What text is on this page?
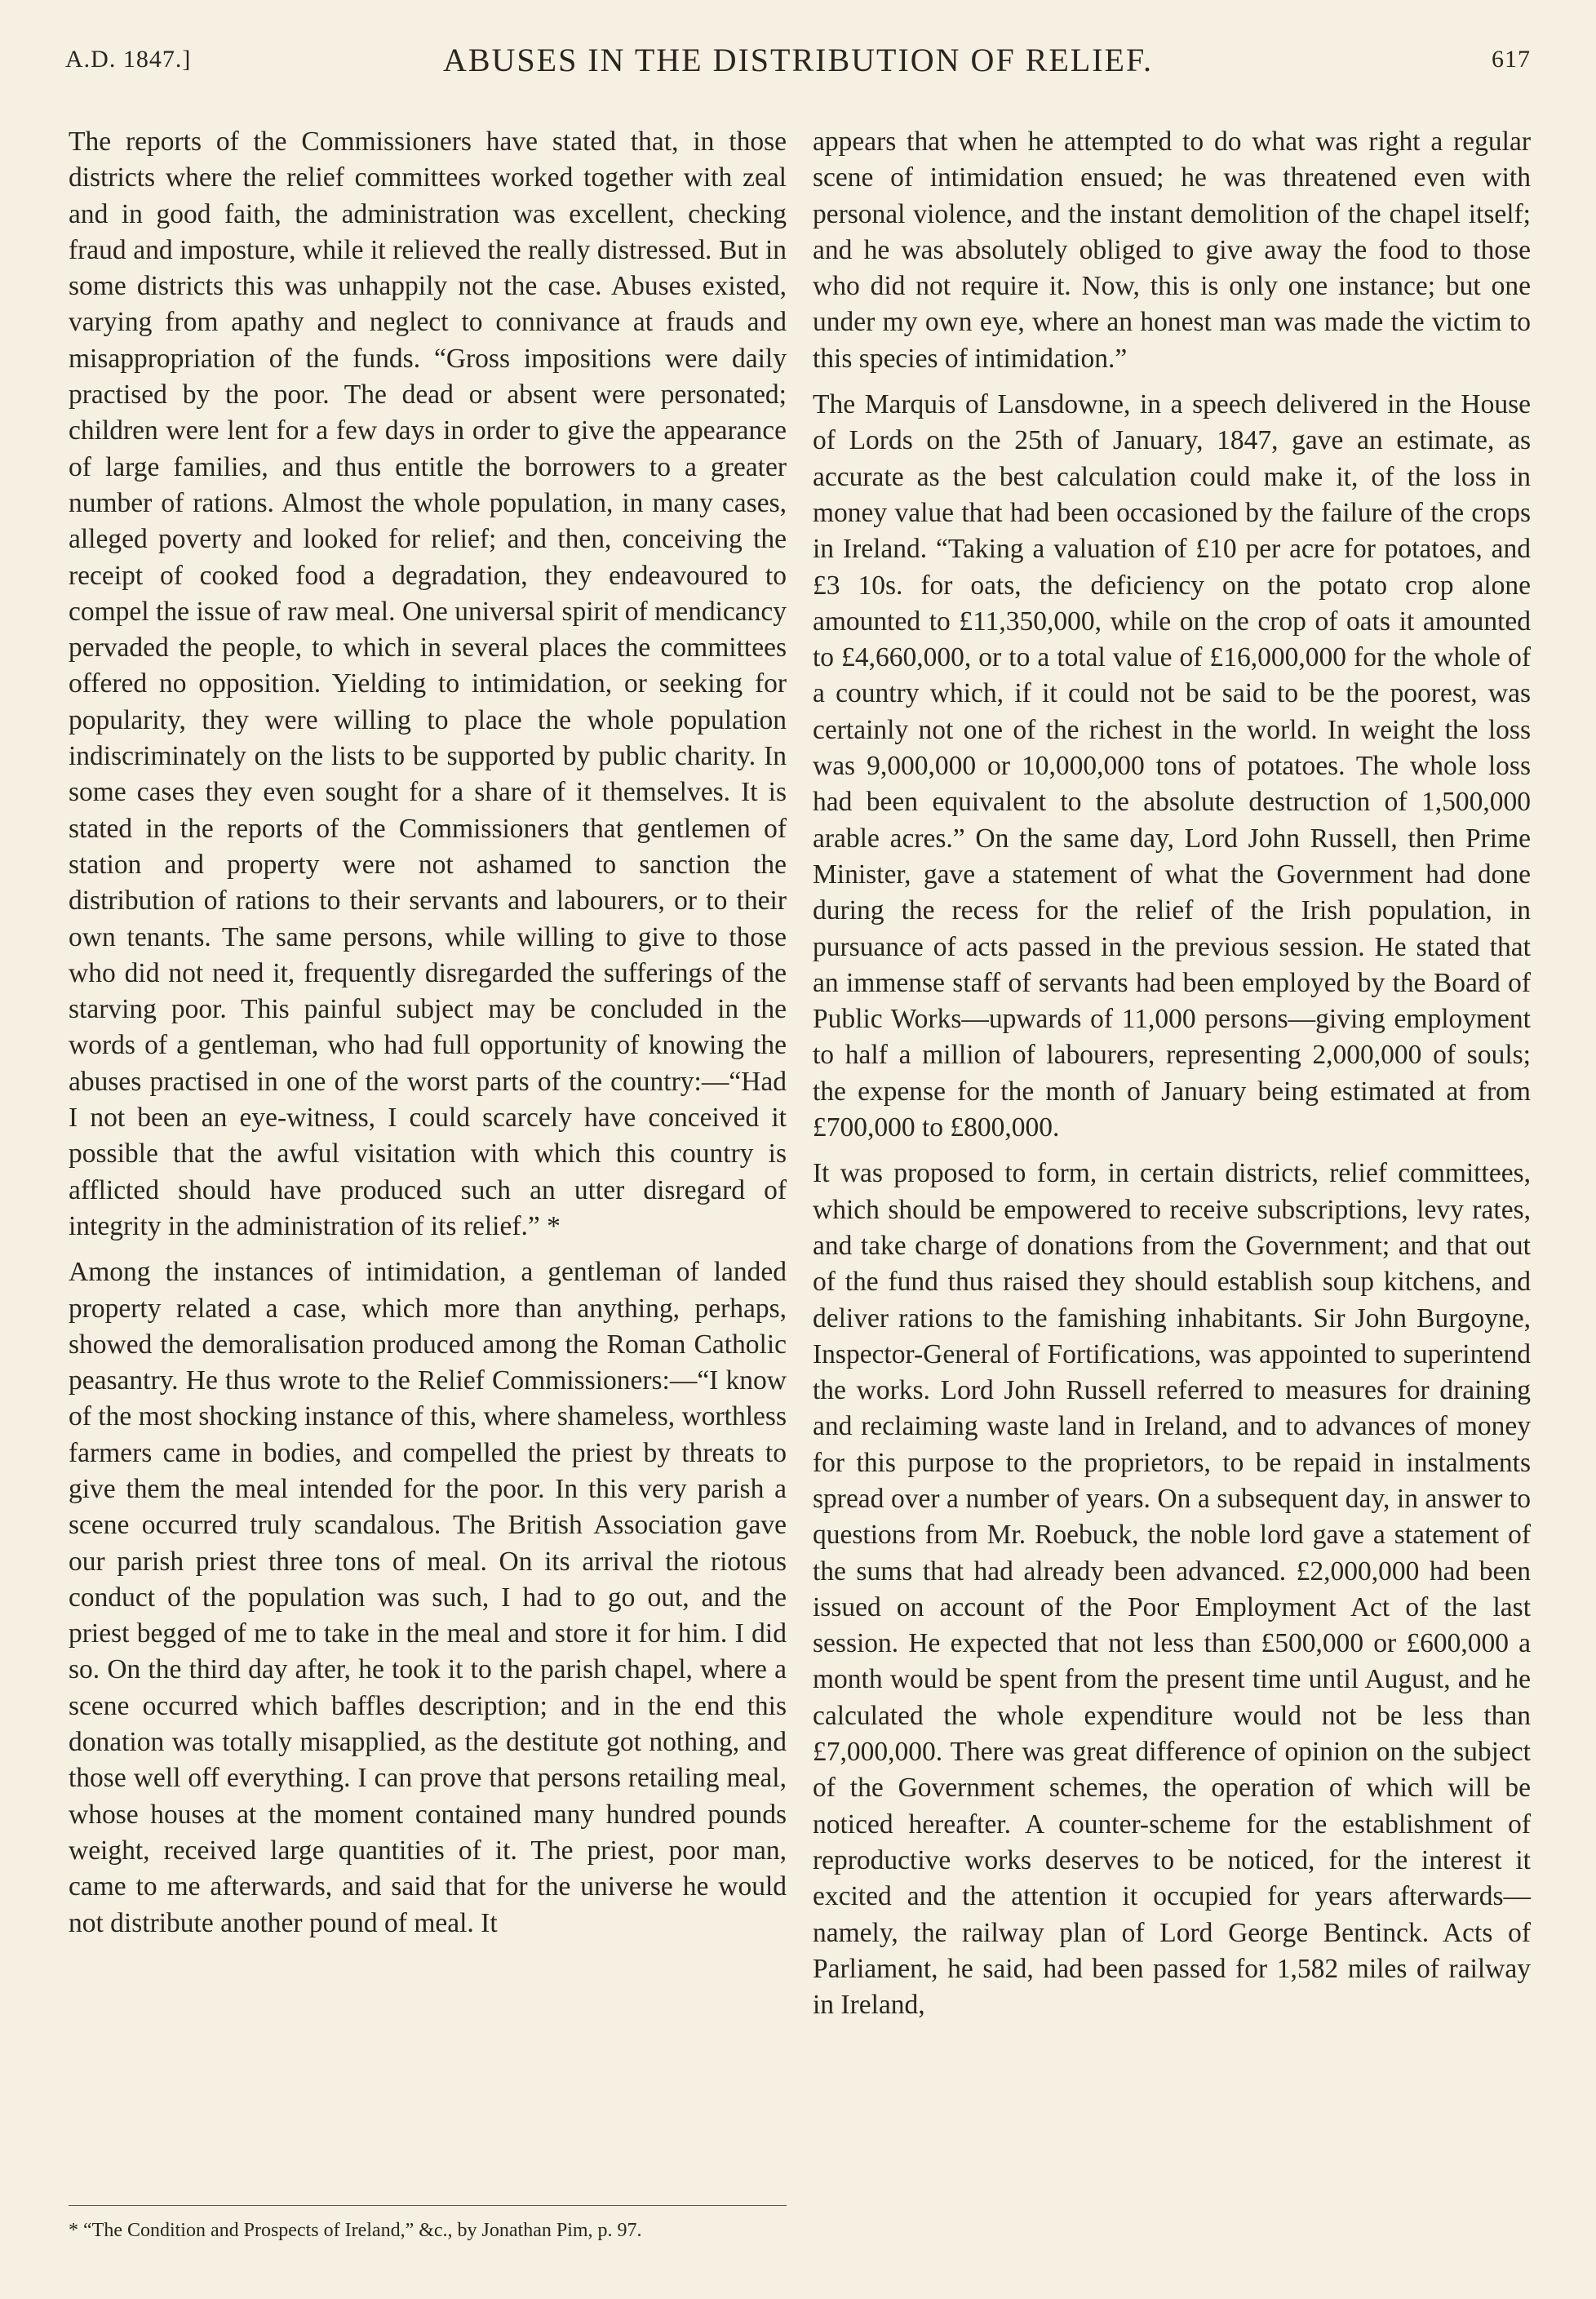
A.D. 1847.]	ABUSES IN THE DISTRIBUTION OF RELIEF.	617

The reports of the Commissioners have stated that, in those districts where the relief committees worked together with zeal and in good faith, the administration was excellent, checking fraud and imposture, while it relieved the really distressed. But in some districts this was unhappily not the case. Abuses existed, varying from apathy and neglect to connivance at frauds and misappropriation of the funds. “Gross impositions were daily practised by the poor. The dead or absent were personated; children were lent for a few days in order to give the appearance of large families, and thus entitle the borrowers to a greater number of rations. Almost the whole population, in many cases, alleged poverty and looked for relief; and then, conceiving the receipt of cooked food a degradation, they endeavoured to compel the issue of raw meal. One universal spirit of mendicancy pervaded the people, to which in several places the committees offered no opposition. Yielding to intimidation, or seeking for popularity, they were willing to place the whole population indiscriminately on the lists to be supported by public charity. In some cases they even sought for a share of it themselves. It is stated in the reports of the Commissioners that gentlemen of station and property were not ashamed to sanction the distribution of rations to their servants and labourers, or to their own tenants. The same persons, while willing to give to those who did not need it, frequently disregarded the sufferings of the starving poor. This painful subject may be concluded in the words of a gentleman, who had full opportunity of knowing the abuses practised in one of the worst parts of the country:—“Had I not been an eye-witness, I could scarcely have conceived it possible that the awful visitation with which this country is afflicted should have produced such an utter disregard of integrity in the administration of its relief.” *

Among the instances of intimidation, a gentleman of landed property related a case, which more than anything, perhaps, showed the demoralisation produced among the Roman Catholic peasantry. He thus wrote to the Relief Commissioners:—“I know of the most shocking instance of this, where shameless, worthless farmers came in bodies, and compelled the priest by threats to give them the meal intended for the poor. In this very parish a scene occurred truly scandalous. The British Association gave our parish priest three tons of meal. On its arrival the riotous conduct of the population was such, I had to go out, and the priest begged of me to take in the meal and store it for him. I did so. On the third day after, he took it to the parish chapel, where a scene occurred which baffles description; and in the end this donation was totally misapplied, as the destitute got nothing, and those well off everything. I can prove that persons retailing meal, whose houses at the moment contained many hundred pounds weight, received large quantities of it. The priest, poor man, came to me afterwards, and said that for the universe he would not distribute another pound of meal. It

appears that when he attempted to do what was right a regular scene of intimidation ensued; he was threatened even with personal violence, and the instant demolition of the chapel itself; and he was absolutely obliged to give away the food to those who did not require it. Now, this is only one instance; but one under my own eye, where an honest man was made the victim to this species of intimidation.”

The Marquis of Lansdowne, in a speech delivered in the House of Lords on the 25th of January, 1847, gave an estimate, as accurate as the best calculation could make it, of the loss in money value that had been occasioned by the failure of the crops in Ireland. “Taking a valuation of £10 per acre for potatoes, and £3 10s. for oats, the deficiency on the potato crop alone amounted to £11,350,000, while on the crop of oats it amounted to £4,660,000, or to a total value of £16,000,000 for the whole of a country which, if it could not be said to be the poorest, was certainly not one of the richest in the world. In weight the loss was 9,000,000 or 10,000,000 tons of potatoes. The whole loss had been equivalent to the absolute destruction of 1,500,000 arable acres.” On the same day, Lord John Russell, then Prime Minister, gave a statement of what the Government had done during the recess for the relief of the Irish population, in pursuance of acts passed in the previous session. He stated that an immense staff of servants had been employed by the Board of Public Works—upwards of 11,000 persons—giving employment to half a million of labourers, representing 2,000,000 of souls; the expense for the month of January being estimated at from £700,000 to £800,000.

It was proposed to form, in certain districts, relief committees, which should be empowered to receive subscriptions, levy rates, and take charge of donations from the Government; and that out of the fund thus raised they should establish soup kitchens, and deliver rations to the famishing inhabitants. Sir John Burgoyne, Inspector-General of Fortifications, was appointed to superintend the works. Lord John Russell referred to measures for draining and reclaiming waste land in Ireland, and to advances of money for this purpose to the proprietors, to be repaid in instalments spread over a number of years. On a subsequent day, in answer to questions from Mr. Roebuck, the noble lord gave a statement of the sums that had already been advanced. £2,000,000 had been issued on account of the Poor Employment Act of the last session. He expected that not less than £500,000 or £600,000 a month would be spent from the present time until August, and he calculated the whole expenditure would not be less than £7,000,000. There was great difference of opinion on the subject of the Government schemes, the operation of which will be noticed hereafter. A counter-scheme for the establishment of reproductive works deserves to be noticed, for the interest it excited and the attention it occupied for years afterwards—namely, the railway plan of Lord George Bentinck. Acts of Parliament, he said, had been passed for 1,582 miles of railway in Ireland,

* “The Condition and Prospects of Ireland,” &c., by Jonathan Pim, p. 97.
